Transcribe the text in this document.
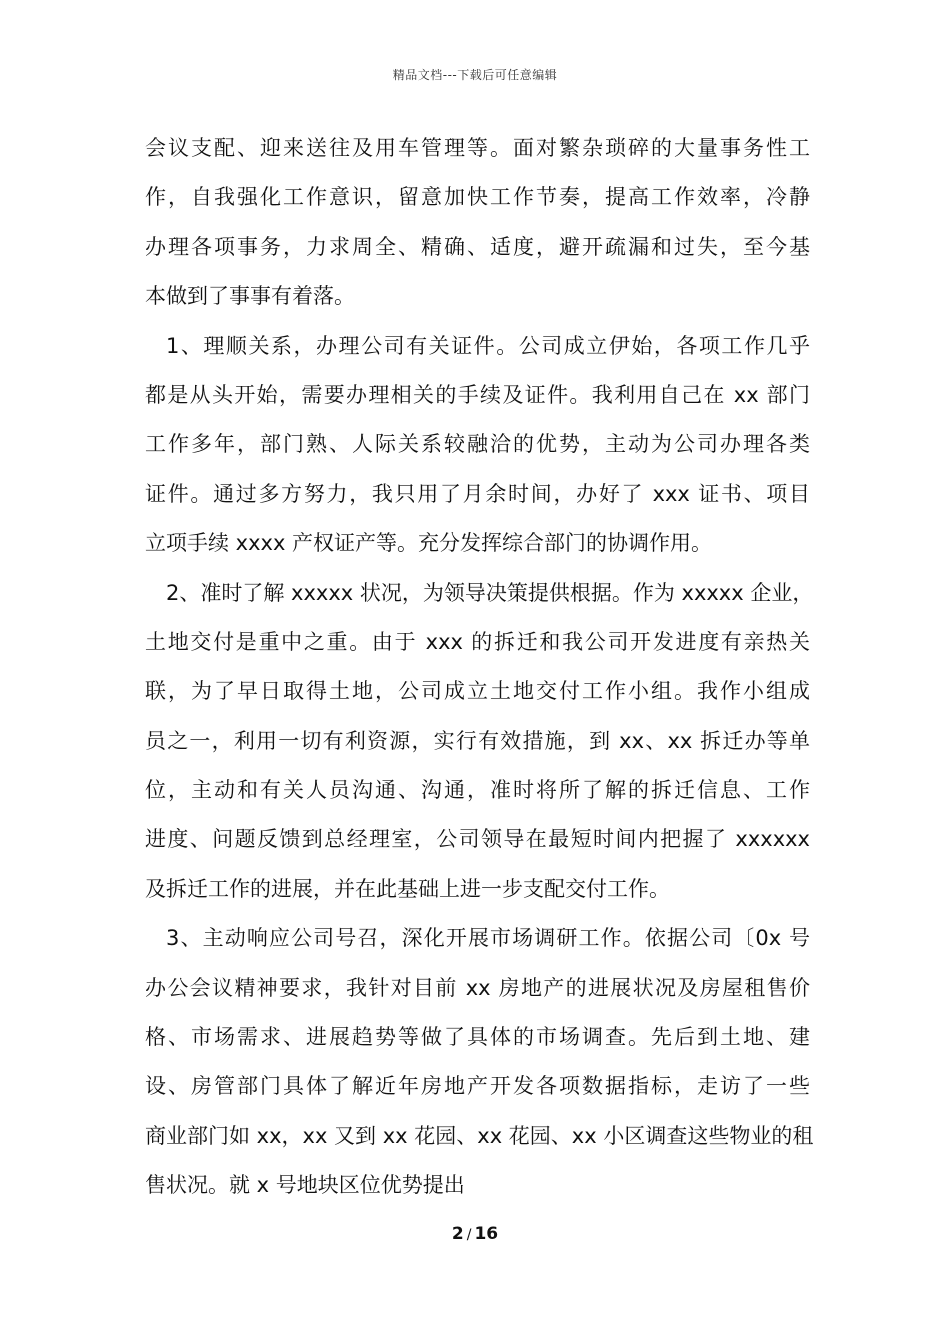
精品文档---下载后可任意编辑
会议支配、迎来送往及用车管理等。面对繁杂琐碎的大量事务性工
作，自我强化工作意识，留意加快工作节奏，提高工作效率，冷静
办理各项事务，力求周全、精确、适度，避开疏漏和过失，至今基
本做到了事事有着落。
1、理顺关系，办理公司有关证件。公司成立伊始，各项工作几乎
都是从头开始，需要办理相关的手续及证件。我利用自己在 xx 部门
工作多年，部门熟、人际关系较融洽的优势，主动为公司办理各类
证件。通过多方努力，我只用了月余时间，办好了 xxx 证书、项目
立项手续 xxxx 产权证产等。充分发挥综合部门的协调作用。
2、准时了解 xxxxx 状况，为领导决策提供根据。作为 xxxxx 企业，
土地交付是重中之重。由于 xxx 的拆迁和我公司开发进度有亲热关
联，为了早日取得土地，公司成立土地交付工作小组。我作小组成
员之一，利用一切有利资源，实行有效措施，到 xx、xx 拆迁办等单
位，主动和有关人员沟通、沟通，准时将所了解的拆迁信息、工作
进度、问题反馈到总经理室，公司领导在最短时间内把握了 xxxxxx
及拆迁工作的进展，并在此基础上进一步支配交付工作。
3、主动响应公司号召，深化开展市场调研工作。依据公司〔0x 号
办公会议精神要求，我针对目前 xx 房地产的进展状况及房屋租售价
格、市场需求、进展趋势等做了具体的市场调查。先后到土地、建
设、房管部门具体了解近年房地产开发各项数据指标，走访了一些
商业部门如 xx，xx 又到 xx 花园、xx 花园、xx 小区调查这些物业的租
售状况。就 x 号地块区位优势提出
2 / 16
